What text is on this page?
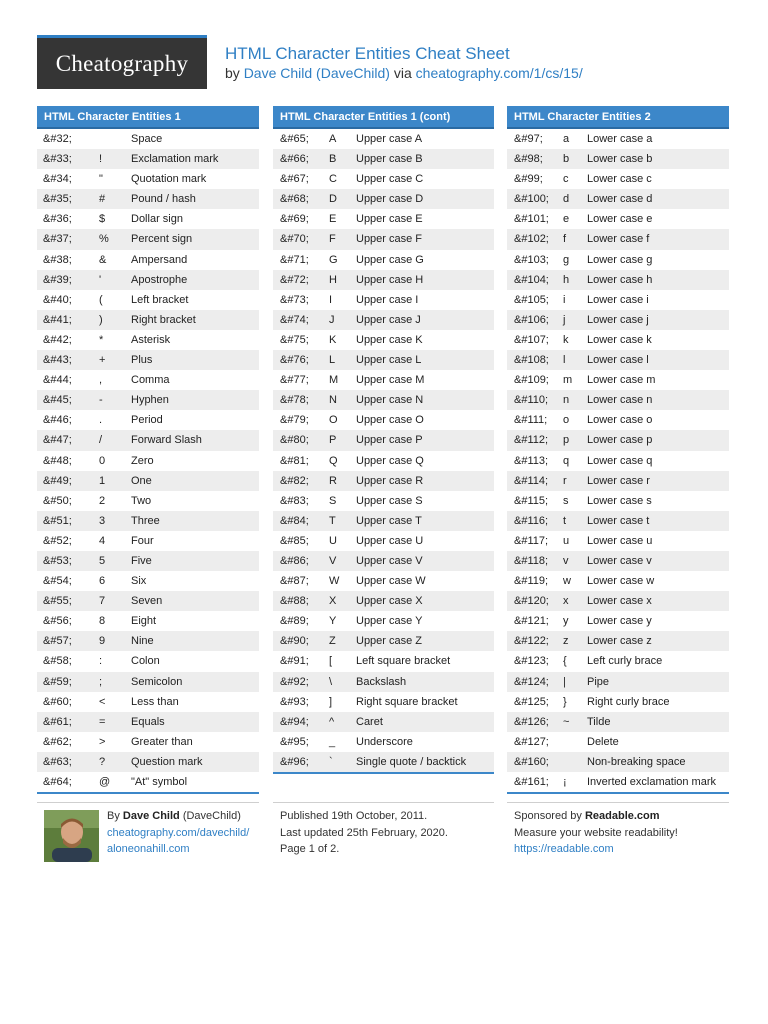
Cheatography HTML Character Entities Cheat Sheet
by Dave Child (DaveChild) via cheatography.com/1/cs/15/
HTML Character Entities 1
&#32;	Space
&#33; !	Exclamation mark
&#34; "	Quotation mark
&#35; # Pound / hash
&#36; $ Dollar sign
&#37; % Percent sign
&#38; & Ampersand
&#39; '	Apostrophe
&#40; (	Left bracket
&#41; )	Right bracket
&#42; *	Asterisk
&#43; + Plus
&#44; ,	Comma
&#45; -	Hyphen
&#46; .	Period
&#47; /	Forward Slash
&#48; 0 Zero
&#49; 1 One
&#50; 2 Two
&#51; 3 Three
&#52; 4 Four
&#53; 5 Five
&#54; 6 Six
&#55; 7 Seven
&#56; 8 Eight
&#57; 9 Nine
&#58; :	Colon
&#59; ;	Semicolon
&#60; < Less than
&#61; = Equals
&#62; > Greater than
&#63; ? Question mark
&#64; @ "At" symbol
HTML Character Entities 1 (cont)
&#65; A Upper case A
&#66; B Upper case B
&#67; C Upper case C
&#68; D Upper case D
&#69; E Upper case E
&#70; F Upper case F
&#71; G Upper case G
&#72; H Upper case H
&#73; I Upper case I
&#74; J Upper case J
&#75; K Upper case K
&#76; L Upper case L
&#77; M Upper case M
&#78; N Upper case N
&#79; O Upper case O
&#80; P Upper case P
&#81; Q Upper case Q
&#82; R Upper case R
&#83; S Upper case S
&#84; T Upper case T
&#85; U Upper case U
&#86; V Upper case V
&#87; W Upper case W
&#88; X Upper case X
&#89; Y Upper case Y
&#90; Z Upper case Z
&#91; [ Left square bracket
&#92; \ Backslash
&#93; ] Right square bracket
&#94; ^ Caret
&#95; _ Underscore
&#96; ` Single quote / backtick
HTML Character Entities 2
&#97; a Lower case a
&#98; b Lower case b
&#99; c Lower case c
&#100; d Lower case d
&#101; e Lower case e
&#102; f Lower case f
&#103; g Lower case g
&#104; h Lower case h
&#105; i Lower case i
&#106; j Lower case j
&#107; k Lower case k
&#108; l Lower case l
&#109; m Lower case m
&#110; n Lower case n
&#111; o Lower case o
&#112; p Lower case p
&#113; q Lower case q
&#114; r Lower case r
&#115; s Lower case s
&#116; t Lower case t
&#117; u Lower case u
&#118; v Lower case v
&#119; w Lower case w
&#120; x Lower case x
&#121; y Lower case y
&#122; z Lower case z
&#123; { Left curly brace
&#124; | Pipe
&#125; } Right curly brace
&#126; ~ Tilde
&#127;	Delete
&#160;	Non-breaking space
&#161; ¡ Inverted exclamation mark
By Dave Child (DaveChild)
cheatography.com/davechild/
aloneonahill.com
Published 19th October, 2011.
Last updated 25th February, 2020.
Page 1 of 2.
Sponsored by Readable.com
Measure your website readability!
https://readable.com
